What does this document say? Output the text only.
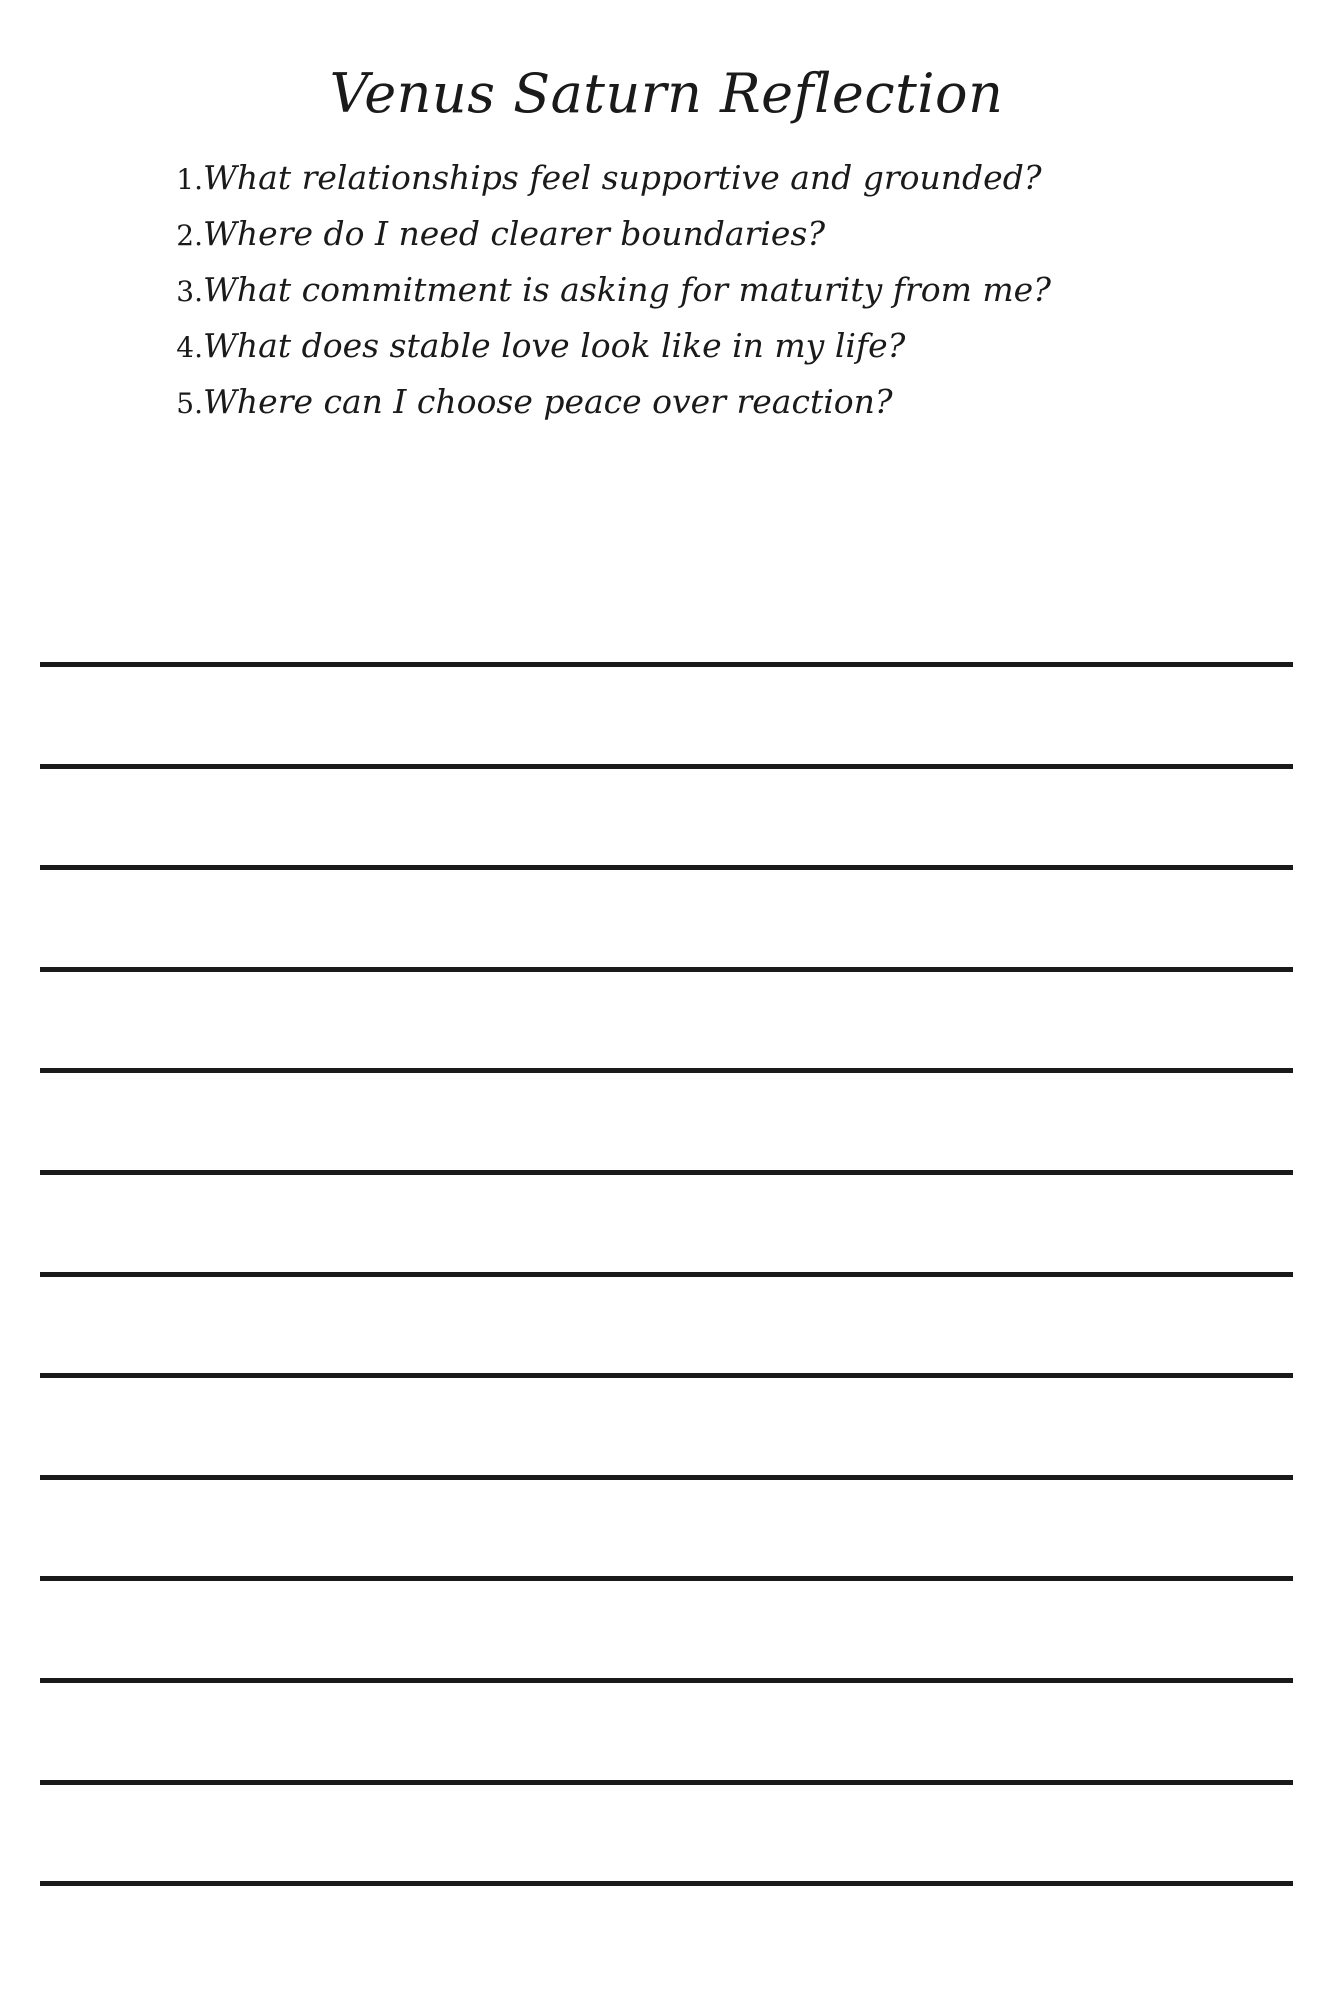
Venus Saturn Reflection
1. What relationships feel supportive and grounded?
2. Where do I need clearer boundaries?
3. What commitment is asking for maturity from me?
4. What does stable love look like in my life?
5. Where can I choose peace over reaction?
